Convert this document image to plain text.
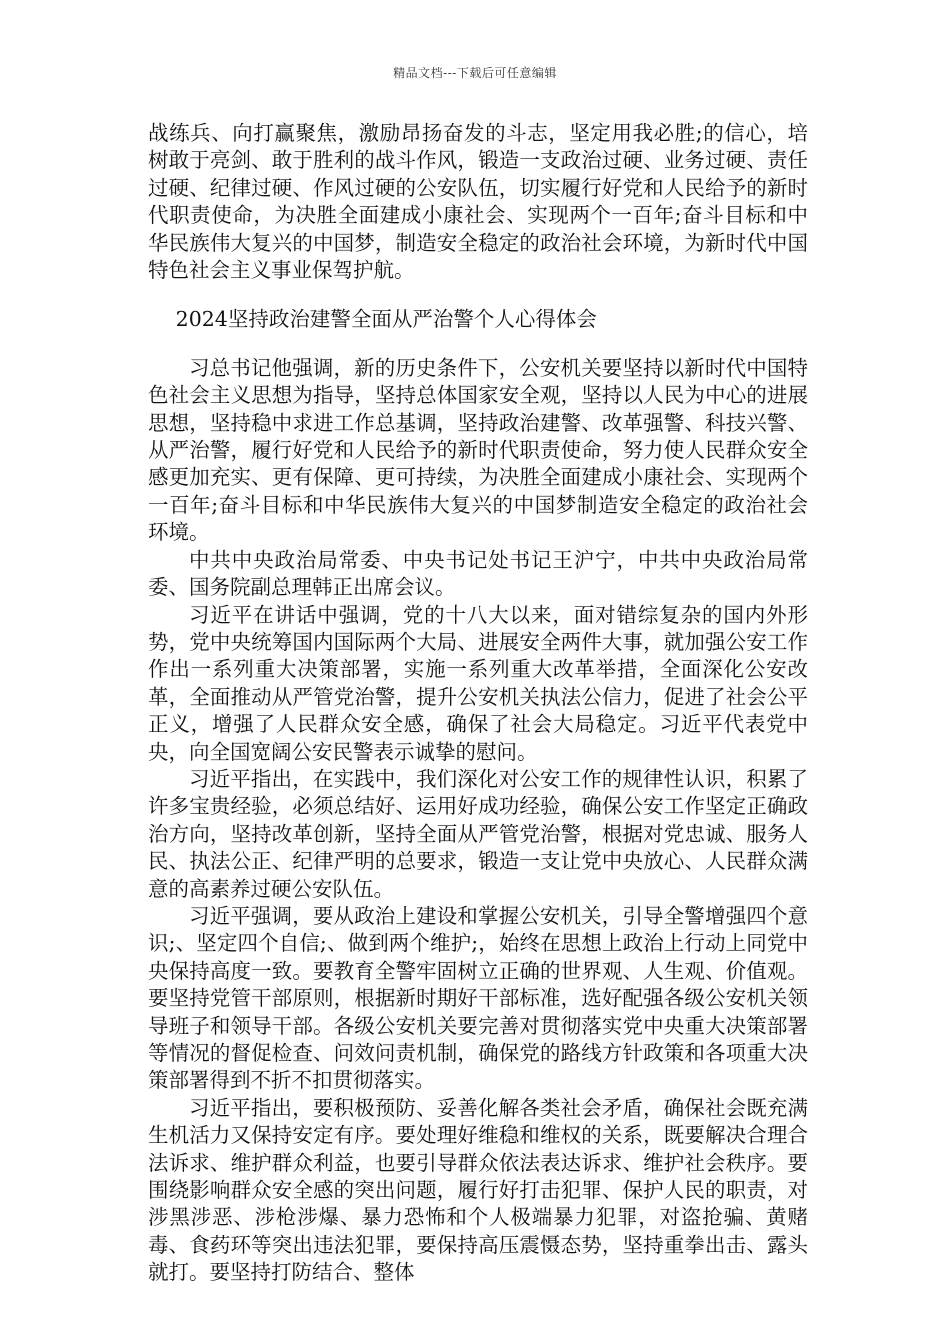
精品文档---下载后可任意编辑

战练兵、向打赢聚焦，激励昂扬奋发的斗志，坚定用我必胜;的信心，培树敢于亮剑、敢于胜利的战斗作风，锻造一支政治过硬、业务过硬、责任过硬、纪律过硬、作风过硬的公安队伍，切实履行好党和人民给予的新时代职责使命，为决胜全面建成小康社会、实现两个一百年;奋斗目标和中华民族伟大复兴的中国梦，制造安全稳定的政治社会环境，为新时代中国特色社会主义事业保驾护航。

2024坚持政治建警全面从严治警个人心得体会

习总书记他强调，新的历史条件下，公安机关要坚持以新时代中国特色社会主义思想为指导，坚持总体国家安全观，坚持以人民为中心的进展思想，坚持稳中求进工作总基调，坚持政治建警、改革强警、科技兴警、从严治警，履行好党和人民给予的新时代职责使命，努力使人民群众安全感更加充实、更有保障、更可持续，为决胜全面建成小康社会、实现两个一百年;奋斗目标和中华民族伟大复兴的中国梦制造安全稳定的政治社会环境。

中共中央政治局常委、中央书记处书记王沪宁，中共中央政治局常委、国务院副总理韩正出席会议。

习近平在讲话中强调，党的十八大以来，面对错综复杂的国内外形势，党中央统筹国内国际两个大局、进展安全两件大事，就加强公安工作作出一系列重大决策部署，实施一系列重大改革举措，全面深化公安改革，全面推动从严管党治警，提升公安机关执法公信力，促进了社会公平正义，增强了人民群众安全感，确保了社会大局稳定。习近平代表党中央，向全国宽阔公安民警表示诚挚的慰问。

习近平指出，在实践中，我们深化对公安工作的规律性认识，积累了许多宝贵经验，必须总结好、运用好成功经验，确保公安工作坚定正确政治方向，坚持改革创新，坚持全面从严管党治警，根据对党忠诚、服务人民、执法公正、纪律严明的总要求，锻造一支让党中央放心、人民群众满意的高素养过硬公安队伍。

习近平强调，要从政治上建设和掌握公安机关，引导全警增强四个意识;、坚定四个自信;、做到两个维护;，始终在思想上政治上行动上同党中央保持高度一致。要教育全警牢固树立正确的世界观、人生观、价值观。要坚持党管干部原则，根据新时期好干部标准，选好配强各级公安机关领导班子和领导干部。各级公安机关要完善对贯彻落实党中央重大决策部署等情况的督促检查、问效问责机制，确保党的路线方针政策和各项重大决策部署得到不折不扣贯彻落实。

习近平指出，要积极预防、妥善化解各类社会矛盾，确保社会既充满生机活力又保持安定有序。要处理好维稳和维权的关系，既要解决合理合法诉求、维护群众利益，也要引导群众依法表达诉求、维护社会秩序。要围绕影响群众安全感的突出问题，履行好打击犯罪、保护人民的职责，对涉黑涉恶、涉枪涉爆、暴力恐怖和个人极端暴力犯罪，对盗抢骗、黄赌毒、食药环等突出违法犯罪，要保持高压震慑态势，坚持重拳出击、露头就打。要坚持打防结合、整体
